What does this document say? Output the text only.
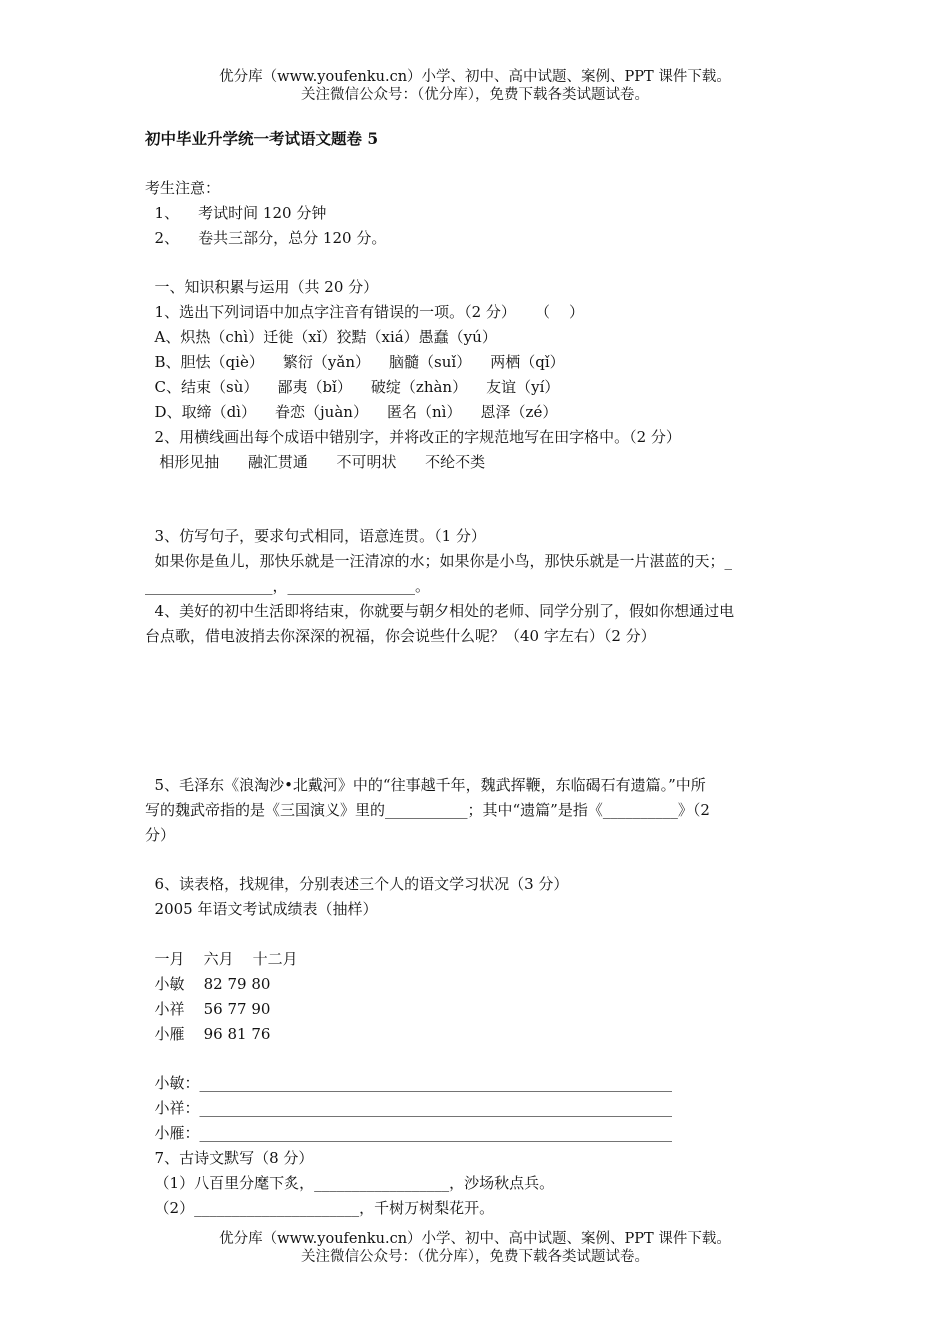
优分库（www.youfenku.cn）小学、初中、高中试题、案例、PPT 课件下载。
关注微信公众号：（优分库），免费下载各类试题试卷。
初中毕业升学统一考试语文题卷 5
考生注意：
1、    考试时间 120 分钟
2、    卷共三部分，总分 120 分。
一、知识积累与运用（共 20 分）
1、选出下列词语中加点字注音有错误的一项。（2 分）    （    ）
A、炽热（chì）迁徙（xǐ）狡黠（xiá）愚蠢（yú）
B、胆怯（qiè）    繁衍（yǎn）    脑髓（suǐ）    两栖（qǐ）
C、结束（sù）    鄙夷（bǐ）    破绽（zhàn）    友谊（yí）
D、取缔（dì）    眷恋（juàn）    匿名（nì）    恩泽（zé）
2、用横线画出每个成语中错别字，并将改正的字规范地写在田字格中。（2 分）
相形见抽      融汇贯通      不可明状      不纶不类
3、仿写句子，要求句式相同，语意连贯。（1 分）
如果你是鱼儿，那快乐就是一汪清凉的水；如果你是小鸟，那快乐就是一片湛蓝的天；_
_________________，_________________。
4、美好的初中生活即将结束，你就要与朝夕相处的老师、同学分别了，假如你想通过电
台点歌，借电波捎去你深深的祝福，你会说些什么呢？（40 字左右）（2 分）
5、毛泽东《浪淘沙•北戴河》中的“往事越千年，魏武挥鞭，东临碣石有遗篇。”中所
写的魏武帝指的是《三国演义》里的___________；其中“遗篇”是指《__________》（2
分）
6、读表格，找规律，分别表述三个人的语文学习状况（3 分）
2005 年语文考试成绩表（抽样）
一月    六月    十二月
小敏    82 79 80
小祥    56 77 90
小雁    96 81 76
小敏：_______________________________________________________________
小祥：_______________________________________________________________
小雁：_______________________________________________________________
7、古诗文默写（8 分）
（1）八百里分麾下炙，__________________，沙场秋点兵。
（2）______________________，千树万树梨花开。
优分库（www.youfenku.cn）小学、初中、高中试题、案例、PPT 课件下载。
关注微信公众号：（优分库），免费下载各类试题试卷。
